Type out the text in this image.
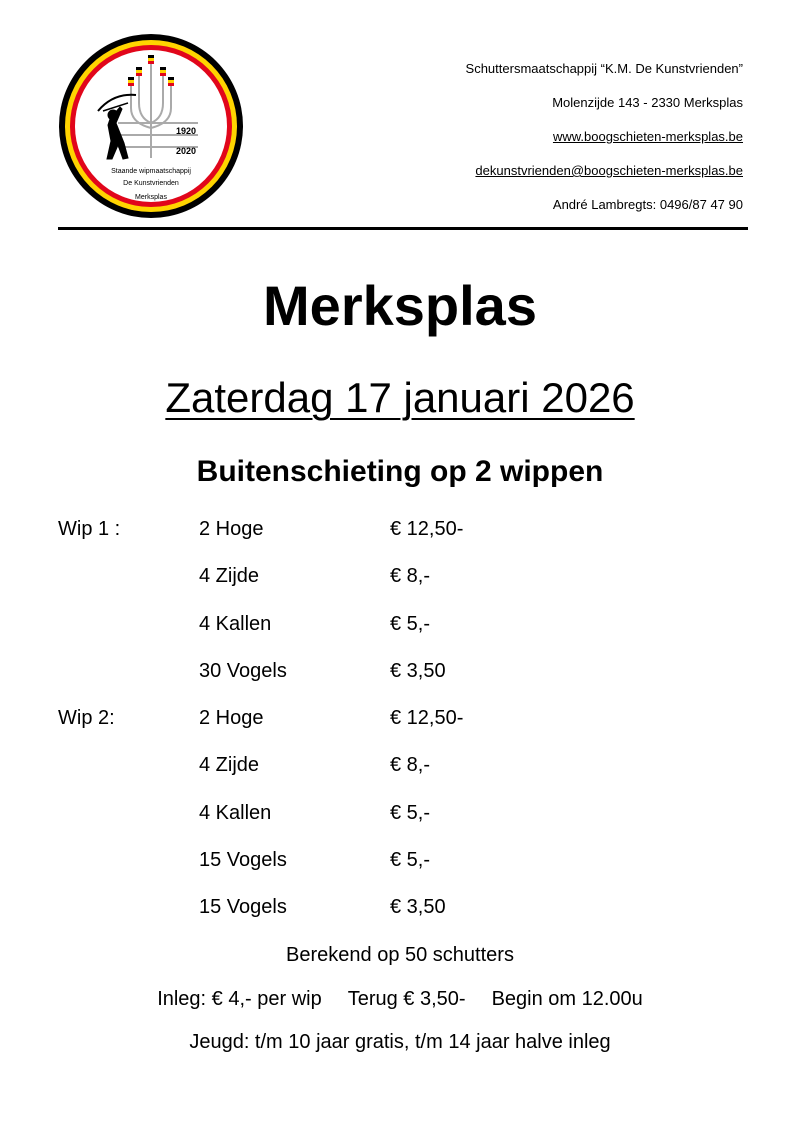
1920
2020
Staande wipmaatschappij
De Kunstvrienden
Merksplas
Schuttersmaatschappij “K.M. De Kunstvrienden”
Molenzijde 143 - 2330 Merksplas
www.boogschieten-merksplas.be
dekunstvrienden@boogschieten-merksplas.be
André Lambregts: 0496/87 47 90
Merksplas
Zaterdag 17 januari 2026
Buitenschieting op 2 wippen
Wip 1 :	2 Hoge	€ 12,50-
4 Zijde	€ 8,-
4 Kallen	€ 5,-
30 Vogels	€ 3,50
Wip 2:	2 Hoge	€ 12,50-
4 Zijde	€ 8,-
4 Kallen	€ 5,-
15 Vogels	€ 5,-
15 Vogels	€ 3,50
Berekend op 50 schutters
Inleg: € 4,- per wip Terug € 3,50- Begin om 12.00u
Jeugd: t/m 10 jaar gratis, t/m 14 jaar halve inleg
